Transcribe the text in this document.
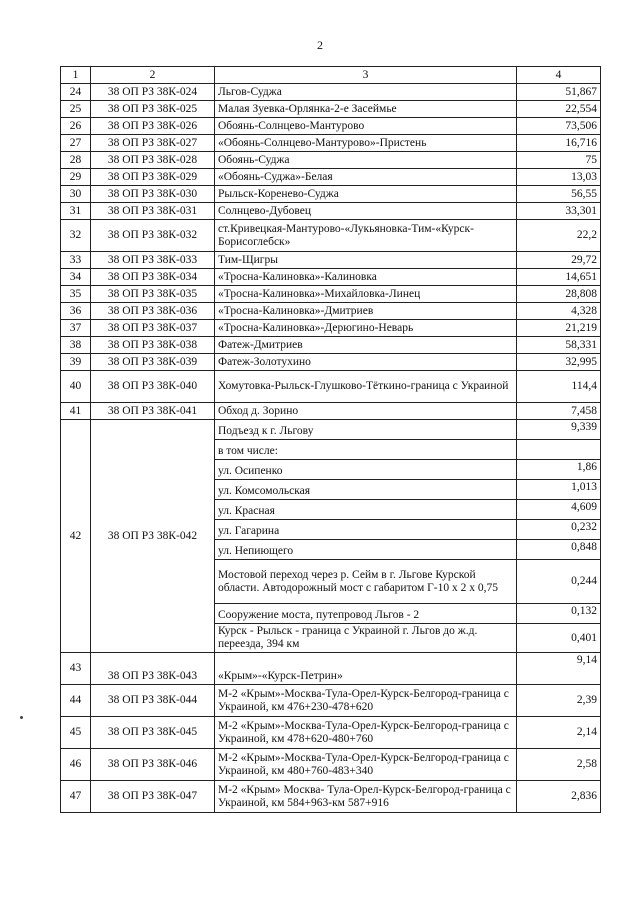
2
1	2	3	4
24	38 ОП РЗ 38К-024	Льгов-Суджа	51,867
25	38 ОП РЗ 38К-025	Малая Зуевка-Орлянка-2-е Засеймье	22,554
26	38 ОП РЗ 38К-026	Обоянь-Солнцево-Мантурово	73,506
27	38 ОП РЗ 38К-027	«Обоянь-Солнцево-Мантурово»-Пристень	16,716
28	38 ОП РЗ 38К-028	Обоянь-Суджа	75
29	38 ОП РЗ 38К-029	«Обоянь-Суджа»-Белая	13,03
30	38 ОП РЗ 38К-030	Рыльск-Коренево-Суджа	56,55
31	38 ОП РЗ 38К-031	Солнцево-Дубовец	33,301
32	38 ОП РЗ 38К-032	ст.Кривецкая-Мантурово-«Лукьяновка-Тим-«Курск-Борисоглебск»	22,2
33	38 ОП РЗ 38К-033	Тим-Щигры	29,72
34	38 ОП РЗ 38К-034	«Тросна-Калиновка»-Калиновка	14,651
35	38 ОП РЗ 38К-035	«Тросна-Калиновка»-Михайловка-Линец	28,808
36	38 ОП РЗ 38К-036	«Тросна-Калиновка»-Дмитриев	4,328
37	38 ОП РЗ 38К-037	«Тросна-Калиновка»-Дерюгино-Неварь	21,219
38	38 ОП РЗ 38К-038	Фатеж-Дмитриев	58,331
39	38 ОП РЗ 38К-039	Фатеж-Золотухино	32,995
40	38 ОП РЗ 38К-040	Хомутовка-Рыльск-Глушково-Тёткино-граница с Украиной	114,4
41	38 ОП РЗ 38К-041	Обход д. Зорино	7,458
42	38 ОП РЗ 38К-042	Подъезд к г. Льгову	9,339
		в том числе:	
		ул. Осипенко	1,86
		ул. Комсомольская	1,013
		ул. Красная	4,609
		ул. Гагарина	0,232
		ул. Непиющего	0,848
		Мостовой переход через р. Сейм в г. Льгове Курской области. Автодорожный мост с габаритом Г-10 х 2 х 0,75	0,244
		Сооружение моста, путепровод Льгов - 2	0,132
		Курск - Рыльск - граница с Украиной г. Льгов до ж.д. переезда, 394 км	0,401
43	38 ОП РЗ 38К-043	«Крым»-«Курск-Петрин»	9,14
44	38 ОП РЗ 38К-044	М-2 «Крым»-Москва-Тула-Орел-Курск-Белгород-граница с Украиной, км 476+230-478+620	2,39
45	38 ОП РЗ 38К-045	М-2 «Крым»-Москва-Тула-Орел-Курск-Белгород-граница с Украиной, км 478+620-480+760	2,14
46	38 ОП РЗ 38К-046	М-2 «Крым»-Москва-Тула-Орел-Курск-Белгород-граница с Украиной, км 480+760-483+340	2,58
47	38 ОП РЗ 38К-047	М-2 «Крым» Москва- Тула-Орел-Курск-Белгород-граница с Украиной, км 584+963-км 587+916	2,836
